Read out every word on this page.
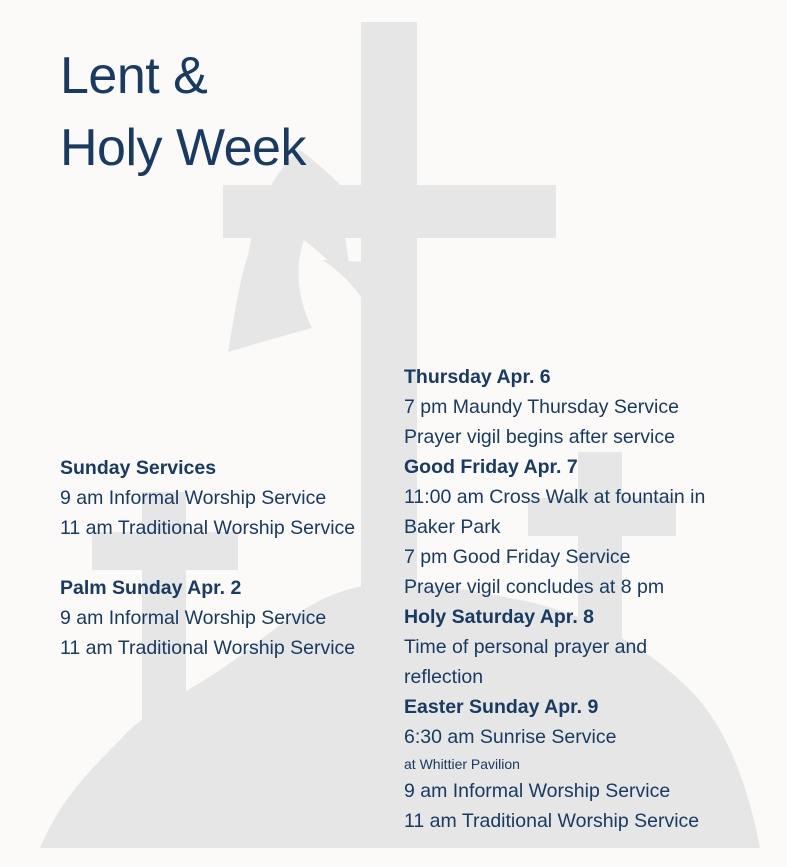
Lent &
Holy Week
Sunday Services
9 am Informal Worship Service
11 am Traditional Worship Service
Palm Sunday Apr. 2
9 am Informal Worship Service
11 am Traditional Worship Service
Thursday Apr. 6
7 pm Maundy Thursday Service
Prayer vigil begins after service
Good Friday Apr. 7
11:00 am Cross Walk at fountain in
Baker Park
7 pm Good Friday Service
Prayer vigil concludes at 8 pm
Holy Saturday Apr. 8
Time of personal prayer and
reflection
Easter Sunday Apr. 9
6:30 am Sunrise Service
at Whittier Pavilion
9 am Informal Worship Service
11 am Traditional Worship Service
